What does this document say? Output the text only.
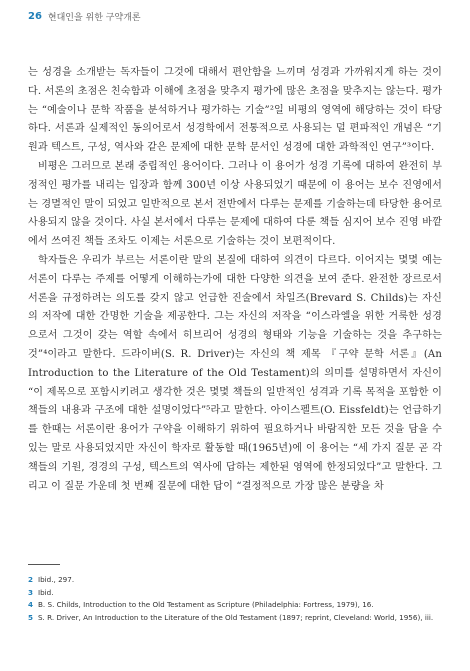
26 현대인을 위한 구약개론

는 성경을 소개받는 독자들이 그것에 대해서 편안함을 느끼며 성경과 가까워지게 하는 것이다. 서론의 초점은 친숙함과 이해에 초점을 맞추지 평가에 많은 초점을 맞추지는 않는다. 평가는 “예술이나 문학 작품을 분석하거나 평가하는 기술”²일 비평의 영역에 해당하는 것이 타당하다. 서론과 실제적인 동의어로서 성경학에서 전통적으로 사용되는 덜 편파적인 개념은 “기원과 텍스트, 구성, 역사와 같은 문제에 대한 문학 문서인 성경에 대한 과학적인 연구”³이다.

비평은 그러므로 본래 중립적인 용어이다. 그러나 이 용어가 성경 기록에 대하여 완전히 부정적인 평가를 내리는 입장과 함께 300년 이상 사용되었기 때문에 이 용어는 보수 진영에서는 경멸적인 말이 되었고 일반적으로 본서 전반에서 다루는 문제를 기술하는데 타당한 용어로 사용되지 않을 것이다. 사실 본서에서 다루는 문제에 대하여 다룬 책들 심지어 보수 진영 바깥에서 쓰여진 책들 조차도 이제는 서론으로 기술하는 것이 보편적이다.

학자들은 우리가 부르는 서론이란 말의 본질에 대하여 의견이 다르다. 이어지는 몇몇 예는 서론이 다루는 주제를 어떻게 이해하는가에 대한 다양한 의견을 보여 준다. 완전한 장르로서 서론을 규정하려는 의도를 갖지 않고 언급한 진술에서 차일즈(Brevard S. Childs)는 자신의 저작에 대한 간명한 기술을 제공한다. 그는 자신의 저작을 “이스라엘을 위한 거룩한 성경으로서 그것이 갖는 역할 속에서 히브리어 성경의 형태와 기능을 기술하는 것을 추구하는 것”⁴이라고 말한다. 드라이버(S. R. Driver)는 자신의 책 제목 『구약 문학 서론』(An Introduction to the Literature of the Old Testament)의 의미를 설명하면서 자신이 “이 제목으로 포함시키려고 생각한 것은 몇몇 책들의 일반적인 성격과 기록 목적을 포함한 이 책들의 내용과 구조에 대한 설명이었다”⁵라고 말한다. 아이스펠트(O. Eissfeldt)는 언급하기를 한때는 서론이란 용어가 구약을 이해하기 위하여 필요하거나 바람직한 모든 것을 담을 수 있는 말로 사용되었지만 자신이 학자로 활동할 때(1965년)에 이 용어는 “세 가지 질문 곧 각 책들의 기원, 경경의 구성, 텍스트의 역사에 답하는 제한된 영역에 한정되었다”고 말한다. 그리고 이 질문 가운데 첫 번째 질문에 대한 답이 “결정적으로 가장 많은 분량을 차

2 Ibid., 297.
3 Ibid.
4 B. S. Childs, Introduction to the Old Testament as Scripture (Philadelphia: Fortress, 1979), 16.
5 S. R. Driver, An Introduction to the Literature of the Old Testament (1897; reprint, Cleveland: World, 1956), iii.
